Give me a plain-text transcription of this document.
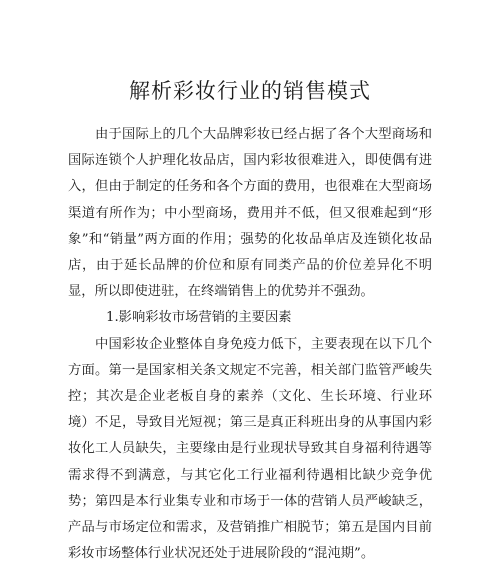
解析彩妆行业的销售模式

由于国际上的几个大品牌彩妆已经占据了各个大型商场和国际连锁个人护理化妆品店，国内彩妆很难进入，即使偶有进入，但由于制定的任务和各个方面的费用，也很难在大型商场渠道有所作为；中小型商场，费用并不低，但又很难起到“形象”和“销量”两方面的作用；强势的化妆品单店及连锁化妆品店，由于延长品牌的价位和原有同类产品的价位差异化不明显，所以即使进驻，在终端销售上的优势并不强劲。

1.影响彩妆市场营销的主要因素

中国彩妆企业整体自身免疫力低下，主要表现在以下几个方面。第一是国家相关条文规定不完善，相关部门监管严峻失控；其次是企业老板自身的素养（文化、生长环境、行业环境）不足，导致目光短视；第三是真正科班出身的从事国内彩妆化工人员缺失，主要缘由是行业现状导致其自身福利待遇等需求得不到满意，与其它化工行业福利待遇相比缺少竞争优势；第四是本行业集专业和市场于一体的营销人员严峻缺乏，产品与市场定位和需求，及营销推广相脱节；第五是国内目前彩妆市场整体行业状况还处于进展阶段的“混沌期”。
